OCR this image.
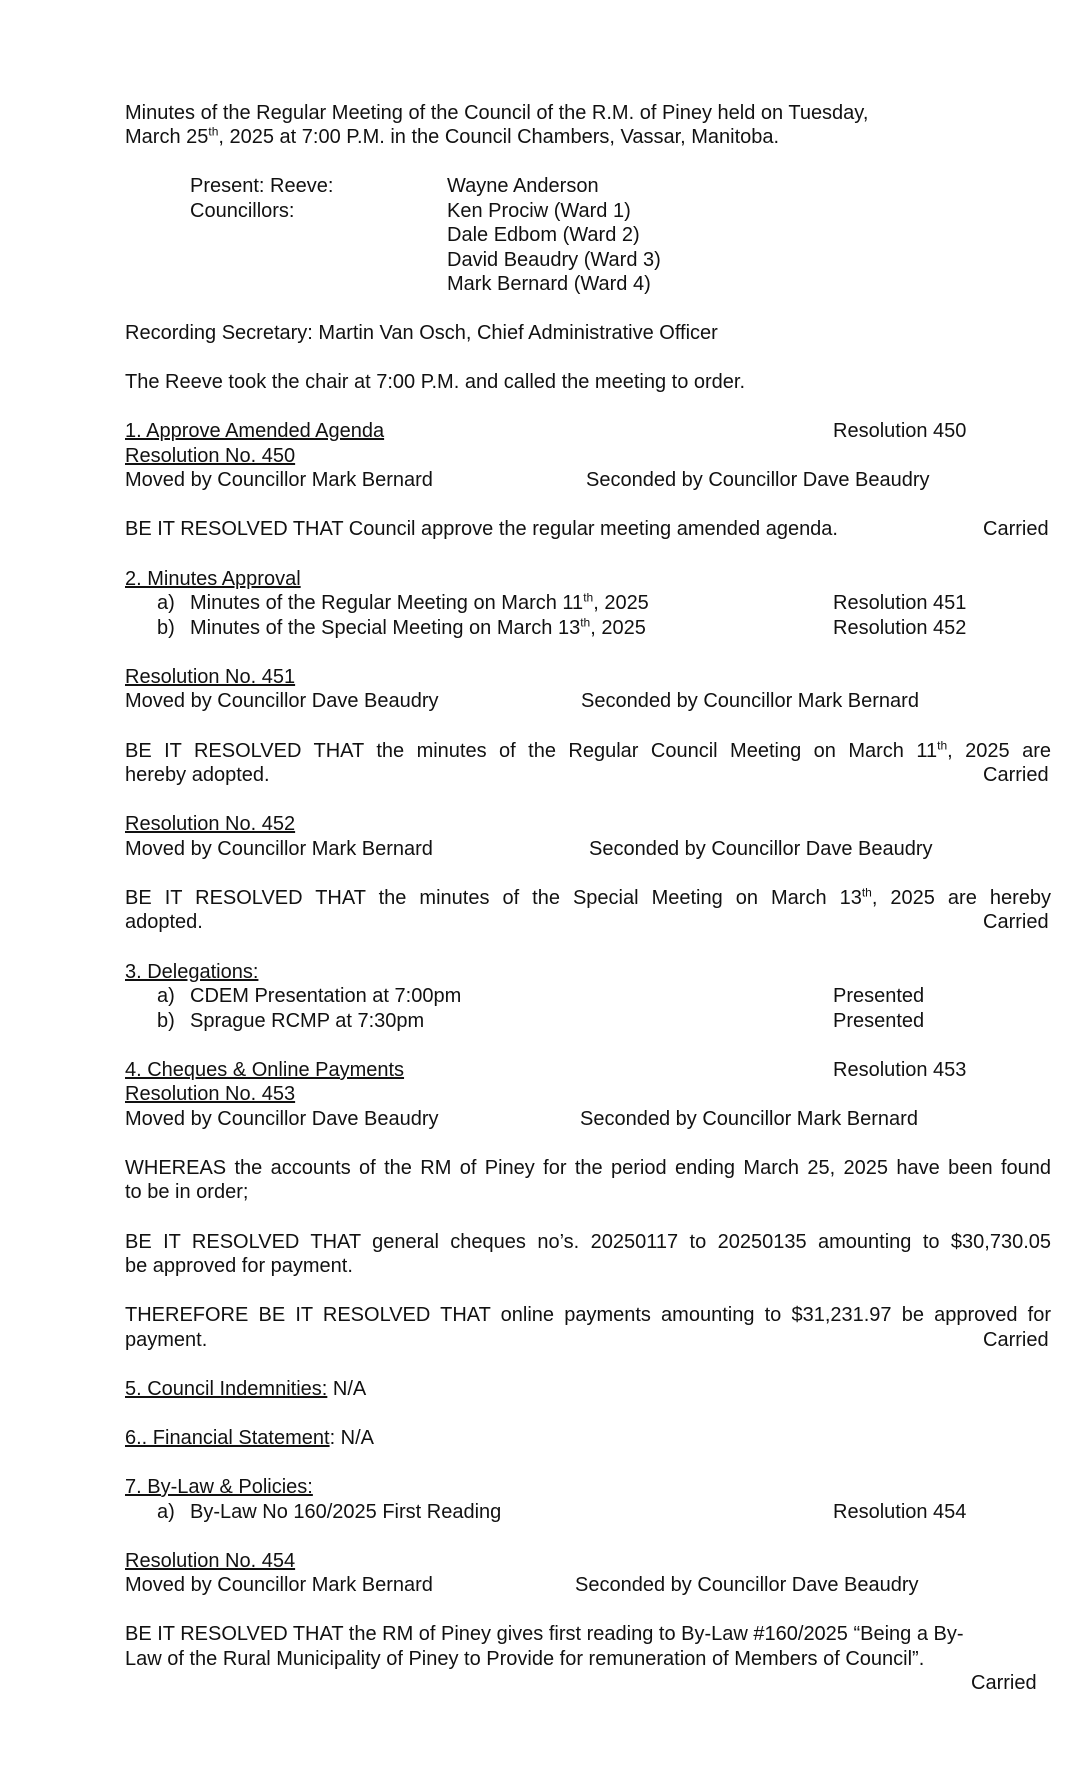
Minutes of the Regular Meeting of the Council of the R.M. of Piney held on Tuesday,
March 25th, 2025 at 7:00 P.M. in the Council Chambers, Vassar, Manitoba.
Present: Reeve:	Wayne Anderson
Councillors:	Ken Prociw (Ward 1)
Dale Edbom (Ward 2)
David Beaudry (Ward 3)
Mark Bernard (Ward 4)
Recording Secretary: Martin Van Osch, Chief Administrative Officer
The Reeve took the chair at 7:00 P.M. and called the meeting to order.
1. Approve Amended Agenda	Resolution 450
Resolution No. 450
Moved by Councillor Mark Bernard	Seconded by Councillor Dave Beaudry
BE IT RESOLVED THAT Council approve the regular meeting amended agenda.	Carried
2. Minutes Approval
a) Minutes of the Regular Meeting on March 11th, 2025	Resolution 451
b) Minutes of the Special Meeting on March 13th, 2025	Resolution 452
Resolution No. 451
Moved by Councillor Dave Beaudry	Seconded by Councillor Mark Bernard
BE IT RESOLVED THAT the minutes of the Regular Council Meeting on March 11th, 2025 are
hereby adopted.	Carried
Resolution No. 452
Moved by Councillor Mark Bernard	Seconded by Councillor Dave Beaudry
BE IT RESOLVED THAT the minutes of the Special Meeting on March 13th, 2025 are hereby
adopted.	Carried
3. Delegations:
a) CDEM Presentation at 7:00pm	Presented
b) Sprague RCMP at 7:30pm	Presented
4. Cheques & Online Payments	Resolution 453
Resolution No. 453
Moved by Councillor Dave Beaudry	Seconded by Councillor Mark Bernard
WHEREAS the accounts of the RM of Piney for the period ending March 25, 2025 have been found
to be in order;
BE IT RESOLVED THAT general cheques no’s. 20250117 to 20250135 amounting to $30,730.05
be approved for payment.
THEREFORE BE IT RESOLVED THAT online payments amounting to $31,231.97 be approved for
payment.	Carried
5. Council Indemnities: N/A
6.. Financial Statement: N/A
7. By-Law & Policies:
a) By-Law No 160/2025 First Reading	Resolution 454
Resolution No. 454
Moved by Councillor Mark Bernard	Seconded by Councillor Dave Beaudry
BE IT RESOLVED THAT the RM of Piney gives first reading to By-Law #160/2025 “Being a By-
Law of the Rural Municipality of Piney to Provide for remuneration of Members of Council”.
Carried
